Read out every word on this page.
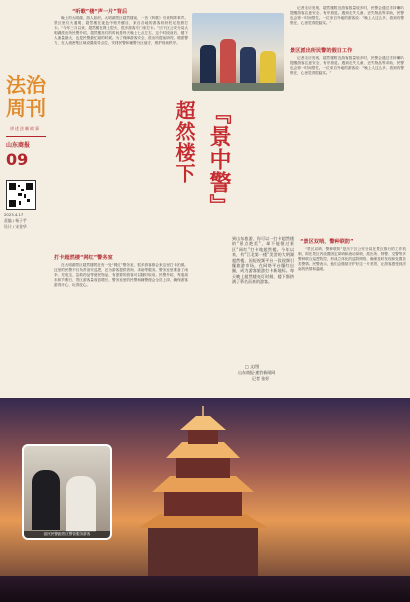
法治
周刊
讲述法制故事
山东商报
09
2023.4.17
责编 / 杨子芋
设计 / 宋金华
“听歌”楼“声一片”背后
晚上的大明湖，游人如织。大明湖景区超然楼前，一首《听歌》引来阵阵掌声。景区里灯火通明，超然楼在夜色中格外醒目，来自各地的游客纷纷驻足拍照打卡。“今年三月以来，超然楼在网上很火，很多游客专门来打卡。”历下区公安分局大明湖派出所民警介绍，超然楼亮灯的时间是每天晚上七点左右，这个时段前后，楼下人流量最大，也是民警最忙碌的时候。为了保障游客安全，派出所提前研判，增派警力，在人流密集区域设置疏导点位，安排民警和辅警分区值守，维护现场秩序。
超然楼下 『景中警』
记者走访发现，超然楼附近游客数量较多时，民警会通过手持喇叭提醒游客注意安全，有序游览。遇到走失儿童、丢失物品等求助，民警也会第一时间帮忙。一位来自外地的游客说：“晚上人这么多，看到有警察在，心里觉得很踏实。”
景区派出所民警的假日工作
记者走访发现，超然楼附近游客数量较多时，民警会通过手持喇叭提醒游客注意安全，有序游览。遇到走失儿童、丢失物品等求助，民警也会第一时间帮忙。一位来自外地的游客说：“晚上人这么多，看到有警察在，心里觉得很踏实。”
到山东旅游，你可以一打卡超然楼的“景点绝美”，却不能错过景区“网红”打卡地超然楼。今年以来，有“江北第一楼”美誉的大明湖超然楼，因短视频平台一段视频引爆旅游市场，在网络平台爆红出圈，成为游客旅游打卡新地标。每天晚上超然楼亮灯时刻，楼下都挤满了慕名而来的游客。
□ 文/图
山东商报·速豹新闻网
记者 张妤
打卡超然楼“网红”警务室
在大明湖景区超然楼附近有一处“网红”警务室，很多游客都会来这里打卡拍照。这里的民警不仅负责治安巡逻，还为游客提供咨询、求助等服务。警务室里准备了雨伞、充电宝、急救药品等便民物品，有需要的游客可以随时取用。民警介绍，每逢周末和节假日，景区游客量成倍增长，警务室里的民警和辅警便会全员上岗，确保游客游得开心、玩得放心。
“景区双哨、警种联防”
“景区双哨、警种联防”是历下区公安分局在景区推行的工作机制，即在景区内设置固定岗哨和流动岗哨，派出所、特警、交警等多警种联合巡逻防控，形成立体化的巡防网络，确保及时发现和处置各类警情。民警表示，他们会继续守护好这一片美景，让游客感受到济南的热情和温暖。
祖民民警跑景区警营服务游客
